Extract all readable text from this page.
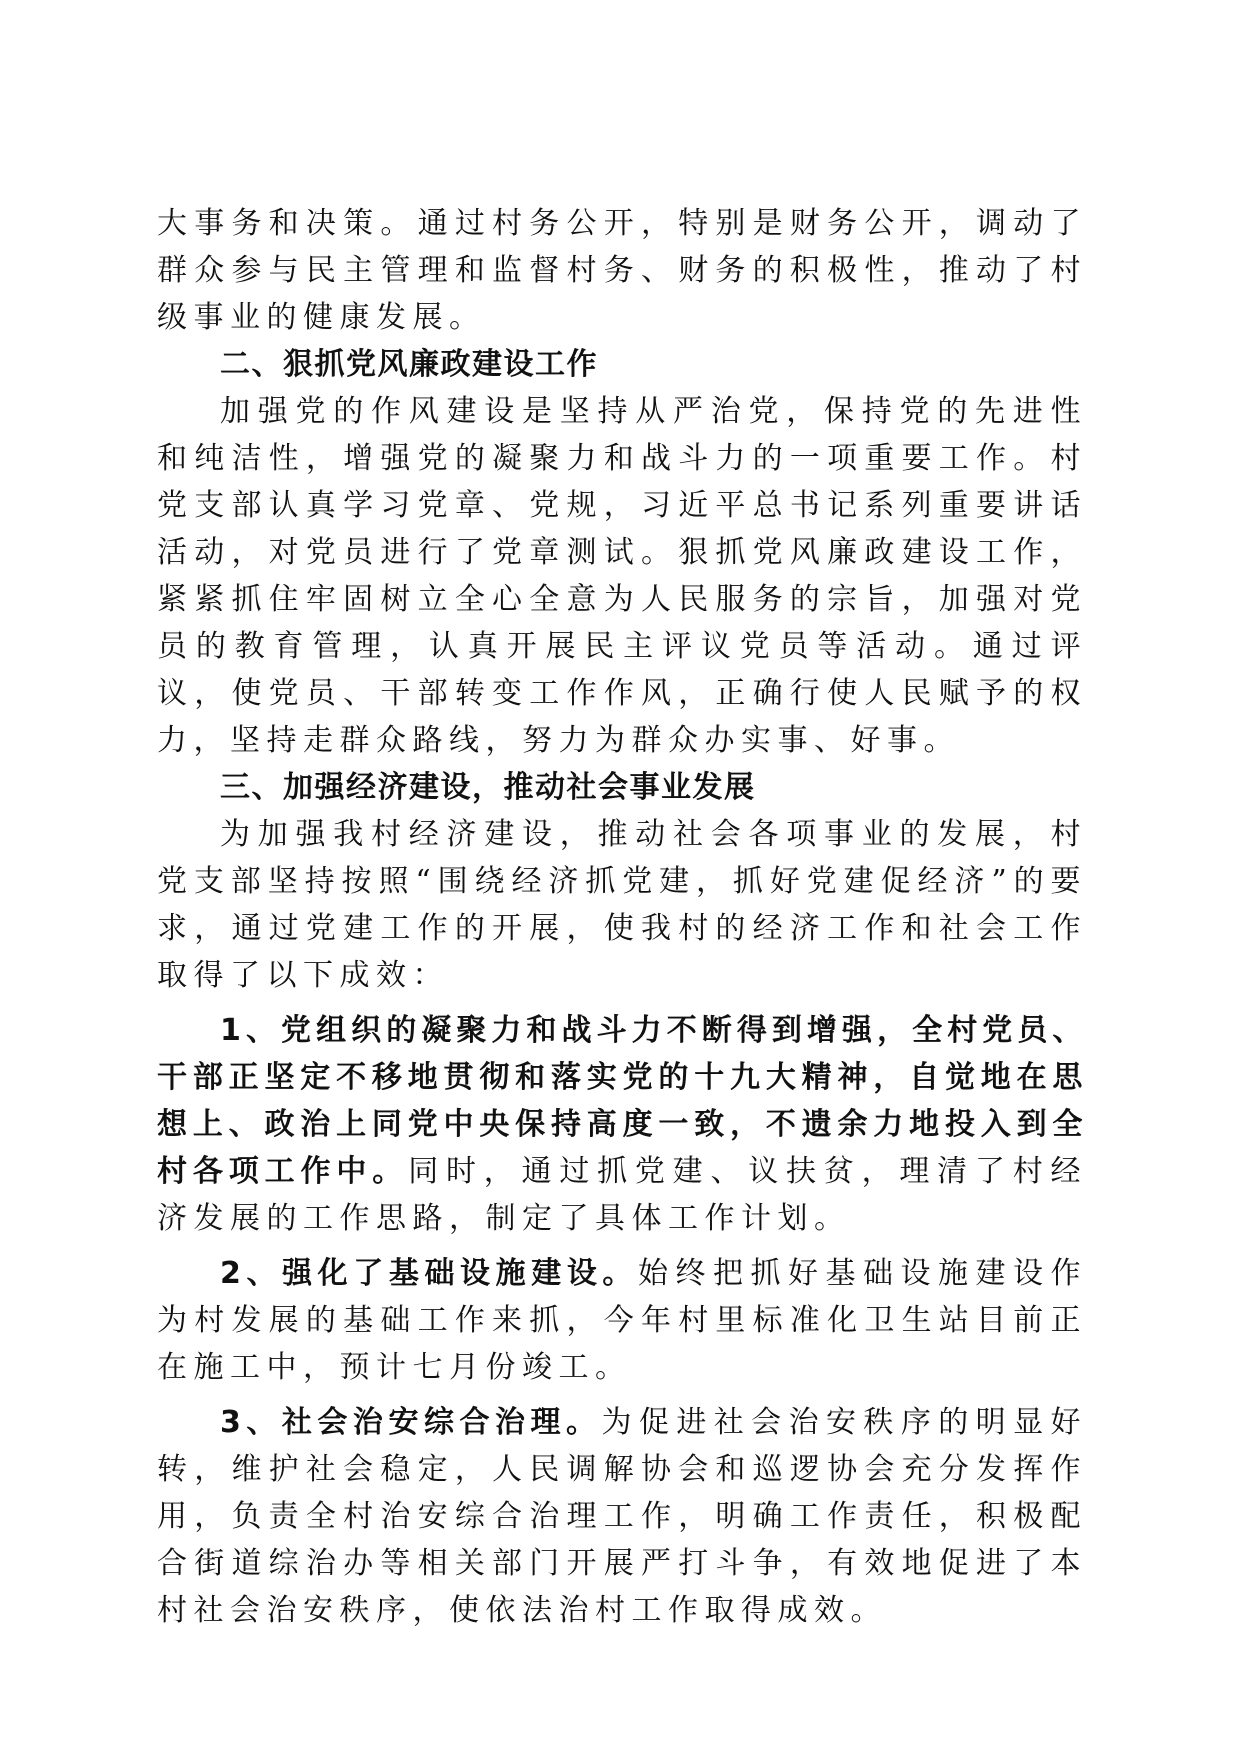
大事务和决策。通过村务公开，特别是财务公开，调动了群众参与民主管理和监督村务、财务的积极性，推动了村级事业的健康发展。

二、狠抓党风廉政建设工作

加强党的作风建设是坚持从严治党，保持党的先进性和纯洁性，增强党的凝聚力和战斗力的一项重要工作。村党支部认真学习党章、党规，习近平总书记系列重要讲话活动，对党员进行了党章测试。狠抓党风廉政建设工作，紧紧抓住牢固树立全心全意为人民服务的宗旨，加强对党员的教育管理，认真开展民主评议党员等活动。通过评议，使党员、干部转变工作作风，正确行使人民赋予的权力，坚持走群众路线，努力为群众办实事、好事。

三、加强经济建设，推动社会事业发展

为加强我村经济建设，推动社会各项事业的发展，村党支部坚持按照“围绕经济抓党建，抓好党建促经济”的要求，通过党建工作的开展，使我村的经济工作和社会工作取得了以下成效：

1、党组织的凝聚力和战斗力不断得到增强，全村党员、干部正坚定不移地贯彻和落实党的十九大精神，自觉地在思想上、政治上同党中央保持高度一致，不遗余力地投入到全村各项工作中。同时，通过抓党建、议扶贫，理清了村经济发展的工作思路，制定了具体工作计划。

2、强化了基础设施建设。始终把抓好基础设施建设作为村发展的基础工作来抓，今年村里标准化卫生站目前正在施工中，预计七月份竣工。

3、社会治安综合治理。为促进社会治安秩序的明显好转，维护社会稳定，人民调解协会和巡逻协会充分发挥作用，负责全村治安综合治理工作，明确工作责任，积极配合街道综治办等相关部门开展严打斗争，有效地促进了本村社会治安秩序，使依法治村工作取得成效。
